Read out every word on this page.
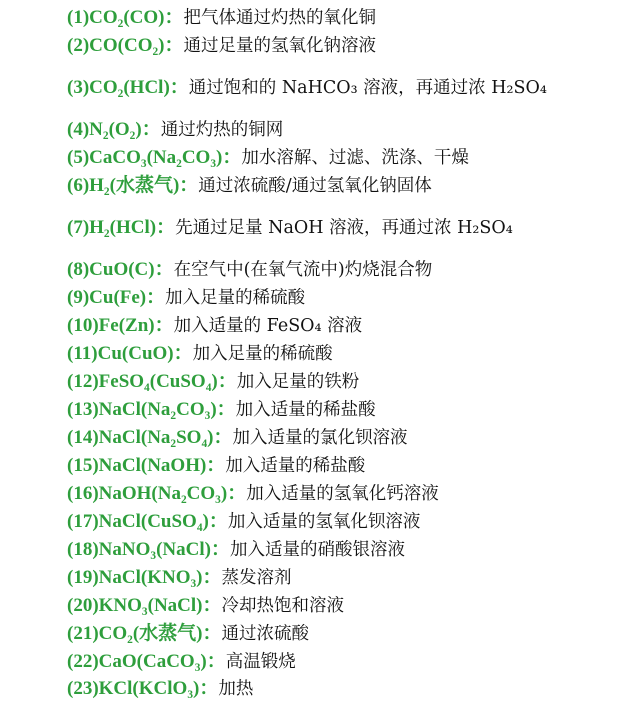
(1)CO₂(CO)：把气体通过灼热的氧化铜
(2)CO(CO₂)：通过足量的氢氧化钠溶液
(3)CO₂(HCl)：通过饱和的 NaHCO₃ 溶液，再通过浓 H₂SO₄
(4)N₂(O₂)：通过灼热的铜网
(5)CaCO₃(Na₂CO₃)：加水溶解、过滤、洗涤、干燥
(6)H₂(水蒸气)：通过浓硫酸/通过氢氧化钠固体
(7)H₂(HCl)：先通过足量 NaOH 溶液，再通过浓 H₂SO₄
(8)CuO(C)：在空气中(在氧气流中)灼烧混合物
(9)Cu(Fe)：加入足量的稀硫酸
(10)Fe(Zn)：加入适量的 FeSO₄ 溶液
(11)Cu(CuO)：加入足量的稀硫酸
(12)FeSO₄(CuSO₄)：加入足量的铁粉
(13)NaCl(Na₂CO₃)：加入适量的稀盐酸
(14)NaCl(Na₂SO₄)：加入适量的氯化钡溶液
(15)NaCl(NaOH)：加入适量的稀盐酸
(16)NaOH(Na₂CO₃)：加入适量的氢氧化钙溶液
(17)NaCl(CuSO₄)：加入适量的氢氧化钡溶液
(18)NaNO₃(NaCl)：加入适量的硝酸银溶液
(19)NaCl(KNO₃)：蒸发溶剂
(20)KNO₃(NaCl)：冷却热饱和溶液
(21)CO₂(水蒸气)：通过浓硫酸
(22)CaO(CaCO₃)：高温锻烧
(23)KCl(KClO₃)：加热
